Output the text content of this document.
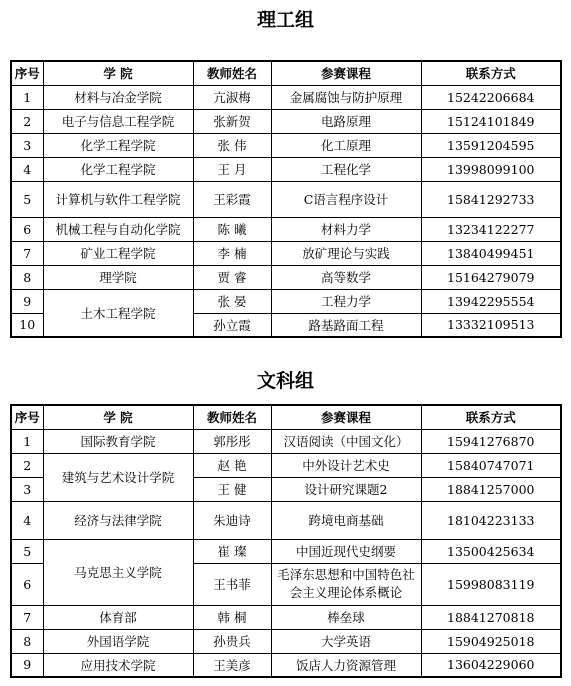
理工组
序号	学 院	教师姓名	参赛课程	联系方式
1	材料与冶金学院	亢淑梅	金属腐蚀与防护原理	15242206684
2	电子与信息工程学院	张新贺	电路原理	15124101849
3	化学工程学院	张 伟	化工原理	13591204595
4	化学工程学院	王 月	工程化学	13998099100
5	计算机与软件工程学院	王彩霞	C语言程序设计	15841292733
6	机械工程与自动化学院	陈 曦	材料力学	13234122277
7	矿业工程学院	李 楠	放矿理论与实践	13840499451
8	理学院	贾 睿	高等数学	15164279079
9	土木工程学院	张 晏	工程力学	13942295554
10		孙立霞	路基路面工程	13332109513
文科组
序号	学 院	教师姓名	参赛课程	联系方式
1	国际教育学院	郭彤彤	汉语阅读（中国文化）	15941276870
2	建筑与艺术设计学院	赵 艳	中外设计艺术史	15840747071
3		王 健	设计研究课题2	18841257000
4	经济与法律学院	朱迪诗	跨境电商基础	18104223133
5	马克思主义学院	崔 璨	中国近现代史纲要	13500425634
6		王书菲	毛泽东思想和中国特色社会主义理论体系概论	15998083119
7	体育部	韩 桐	棒垒球	18841270818
8	外国语学院	孙贵兵	大学英语	15904925018
9	应用技术学院	王美彦	饭店人力资源管理	13604229060
